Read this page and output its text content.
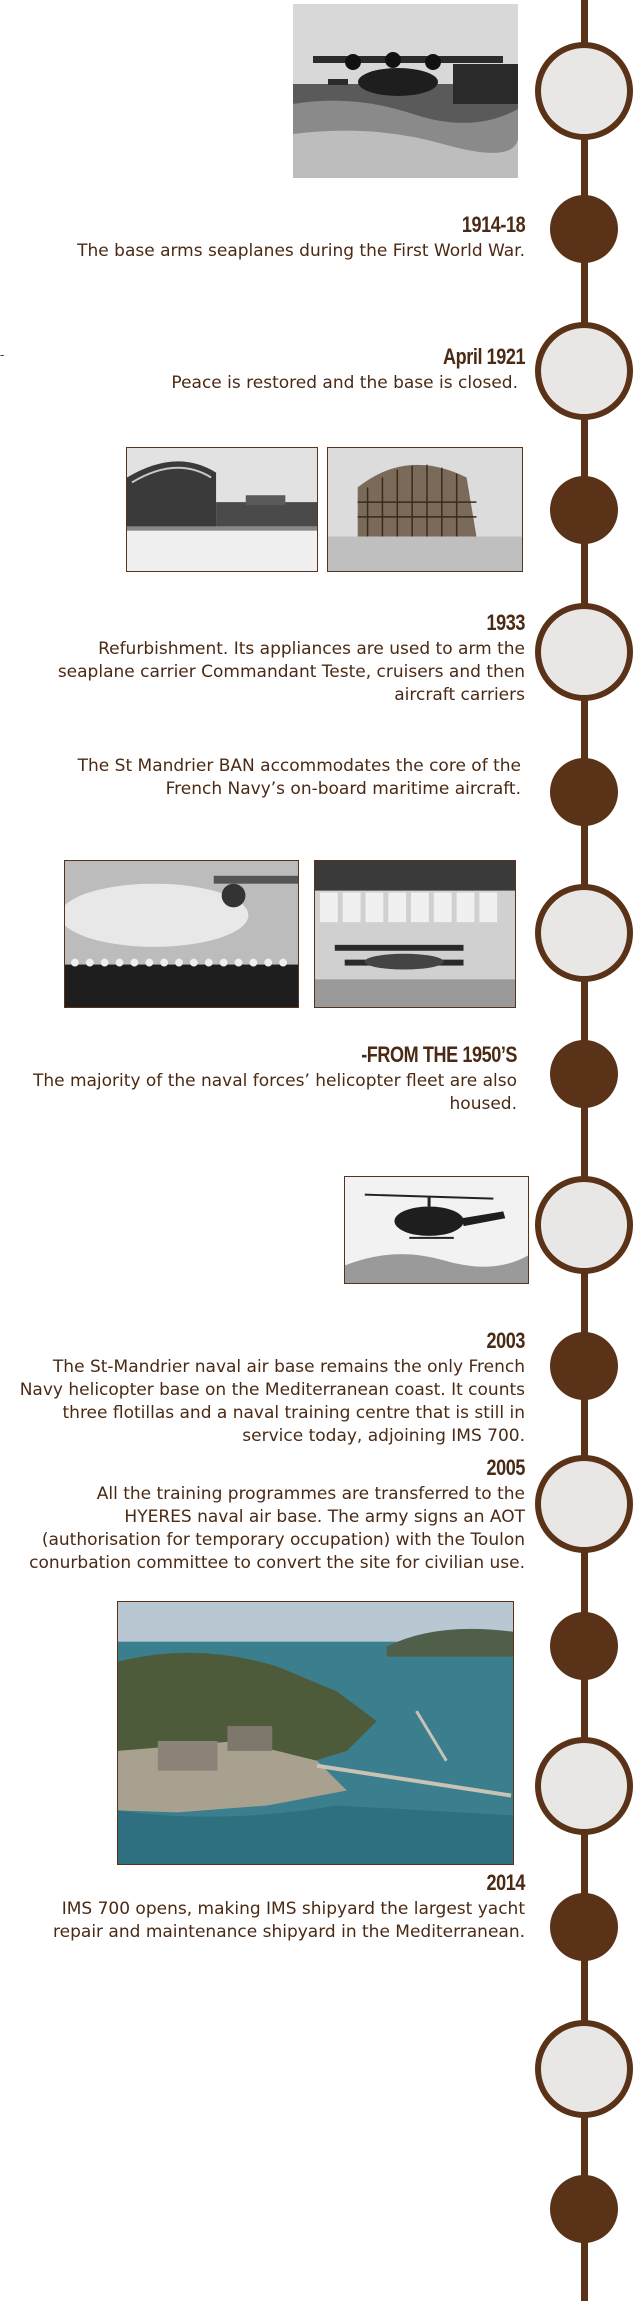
1914-18
The base arms seaplanes during the First World War.
-	April 1921
Peace is restored and the base is closed.
1933
Refurbishment. Its appliances are used to arm the seaplane carrier Commandant Teste, cruisers and then aircraft carriers
The St Mandrier BAN accommodates the core of the French Navy’s on-board maritime aircraft.
-FROM THE 1950’S
The majority of the naval forces’ helicopter fleet are also housed.
2003
The St-Mandrier naval air base remains the only French Navy helicopter base on the Mediterranean coast. It counts three flotillas and a naval training centre that is still in service today, adjoining IMS 700.
2005
All the training programmes are transferred to the HYERES naval air base. The army signs an AOT (authorisation for temporary occupation) with the Toulon conurbation committee to convert the site for civilian use.
2014
IMS 700 opens, making IMS shipyard the largest yacht repair and maintenance shipyard in the Mediterranean.
